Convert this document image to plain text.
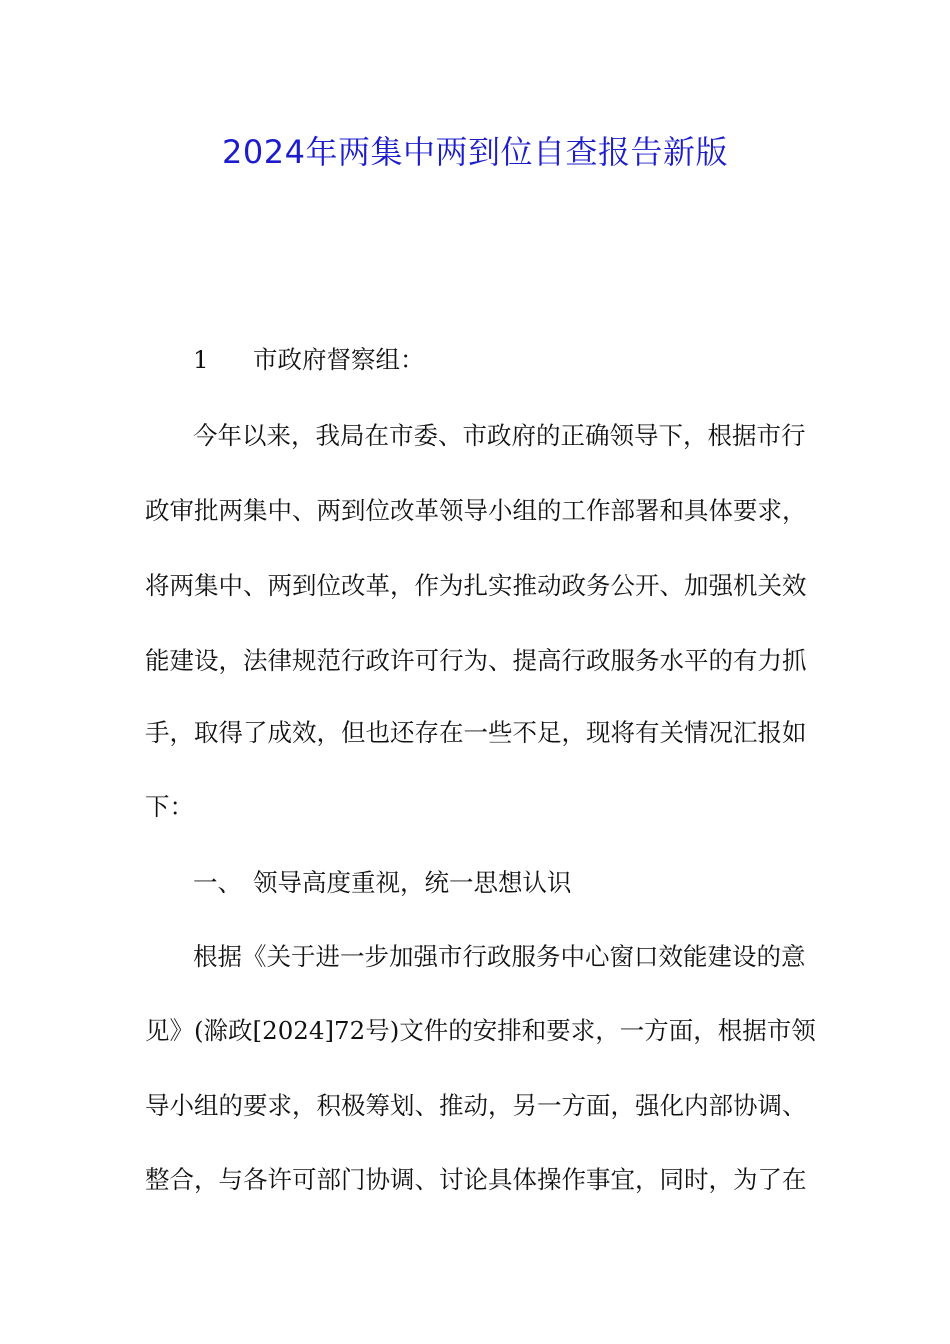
2024年两集中两到位自查报告新版
1 市政府督察组：
今年以来，我局在市委、市政府的正确领导下，根据市行
政审批两集中、两到位改革领导小组的工作部署和具体要求，
将两集中、两到位改革，作为扎实推动政务公开、加强机关效
能建设，法律规范行政许可行为、提高行政服务水平的有力抓
手，取得了成效，但也还存在一些不足，现将有关情况汇报如
下：
一、 领导高度重视，统一思想认识
根据《关于进一步加强市行政服务中心窗口效能建设的意
见》(滁政[2024]72号)文件的安排和要求，一方面，根据市领
导小组的要求，积极筹划、推动，另一方面，强化内部协调、
整合，与各许可部门协调、讨论具体操作事宜，同时，为了在
